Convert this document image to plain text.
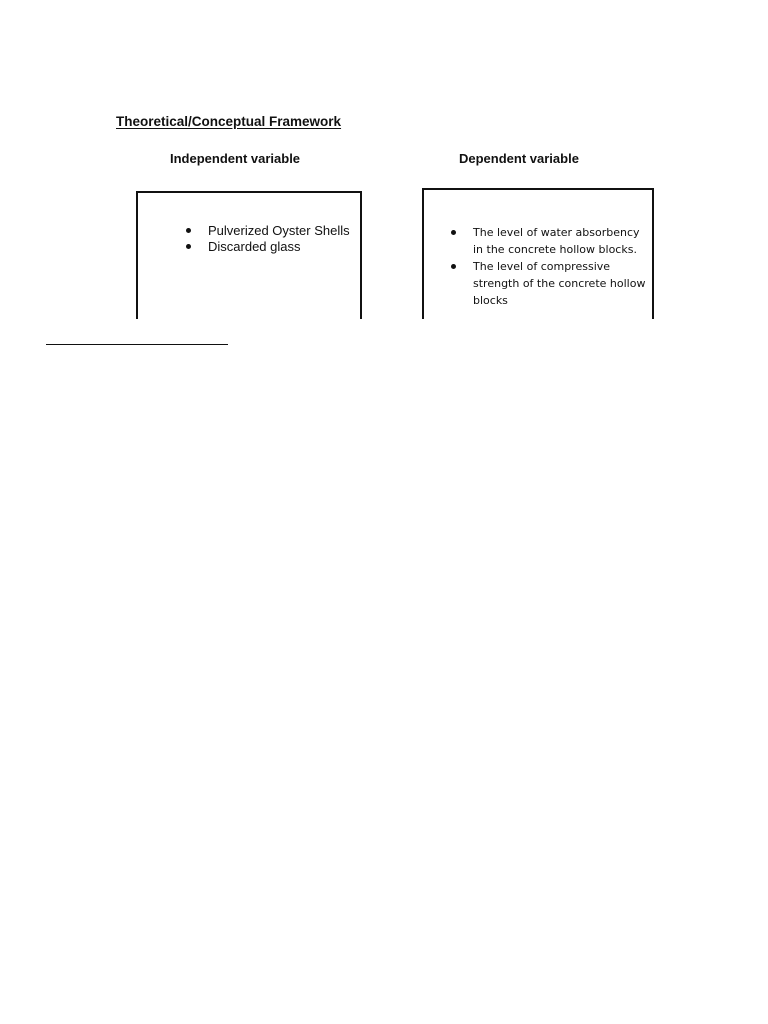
Theoretical/Conceptual Framework
Independent variable	Dependent variable
Pulverized Oyster Shells
Discarded glass
The level of water absorbency in the concrete hollow blocks.
The level of compressive strength of the concrete hollow blocks
